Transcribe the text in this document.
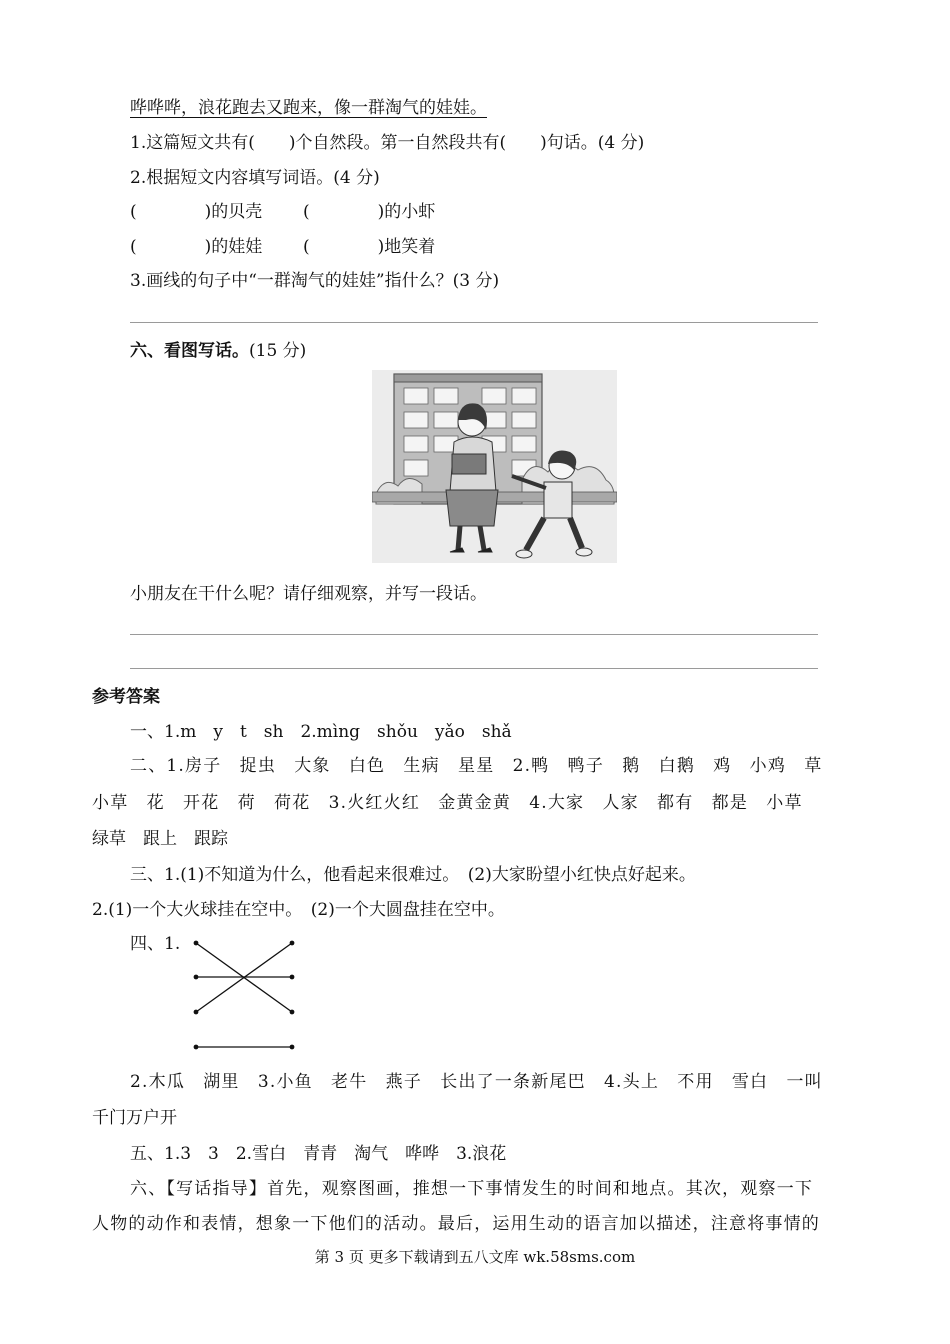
哗哗哗，浪花跑去又跑来，像一群淘气的娃娃。
1.这篇短文共有(　　)个自然段。第一自然段共有(　　)句话。(4 分)
2.根据短文内容填写词语。(4 分)
(　　　　)的贝壳 (　　　　)的小虾
(　　　　)的娃娃 (　　　　)地笑着
3.画线的句子中“一群淘气的娃娃”指什么？(3 分)
六、看图写话。(15 分)
小朋友在干什么呢？请仔细观察，并写一段话。
参考答案
一、1.m　y　t　sh　2.mìng　shǒu　yǎo　shǎ
二、1.房子　捉虫　大象　白色　生病　星星　2.鸭　鸭子　鹅　白鹅　鸡　小鸡　草
小草　花　开花　荷　荷花　3.火红火红　金黄金黄　4.大家　人家　都有　都是　小草
绿草　跟上　跟踪
三、1.(1)不知道为什么，他看起来很难过。　(2)大家盼望小红快点好起来。
2.(1)一个大火球挂在空中。　(2)一个大圆盘挂在空中。
四、1.
2.木瓜　湖里　3.小鱼　老牛　燕子　长出了一条新尾巴　4.头上　不用　雪白　一叫
千门万户开
五、1.3　3　2.雪白　青青　淘气　哗哗　3.浪花
六、【写话指导】首先，观察图画，推想一下事情发生的时间和地点。其次，观察一下
人物的动作和表情，想象一下他们的活动。最后，运用生动的语言加以描述，注意将事情的
第 3 页 更多下载请到五八文库 wk.58sms.com
